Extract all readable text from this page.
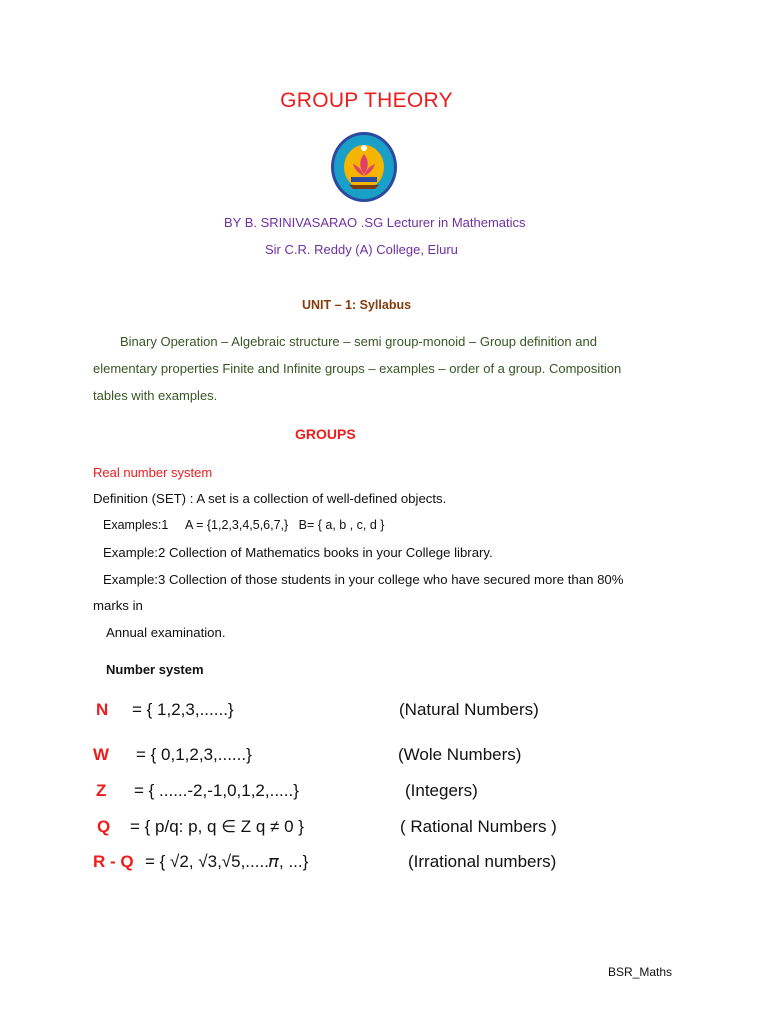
GROUP THEORY
BY B. SRINIVASARAO .SG Lecturer in Mathematics
Sir C.R. Reddy (A) College, Eluru
UNIT – 1: Syllabus
Binary Operation – Algebraic structure – semi group-monoid – Group definition and
elementary properties Finite and Infinite groups – examples – order of a group. Composition
tables with examples.
GROUPS
Real number system
Definition (SET) : A set is a collection of well-defined objects.
Examples:1     A = {1,2,3,4,5,6,7,}   B= { a, b , c, d }
Example:2 Collection of Mathematics books in your College library.
Example:3 Collection of those students in your college who have secured more than 80%
marks in
Annual examination.
Number system
N = { 1,2,3,......}	(Natural Numbers)
W = { 0,1,2,3,......}	(Wole Numbers)
Z = { ......-2,-1,0,1,2,.....}	(Integers)
Q = { p/q: p, q ∈ Z q ≠ 0 }	( Rational Numbers )
R - Q = { √2, √3,√5,.....𝜋, ...}	(Irrational numbers)
BSR_Maths
